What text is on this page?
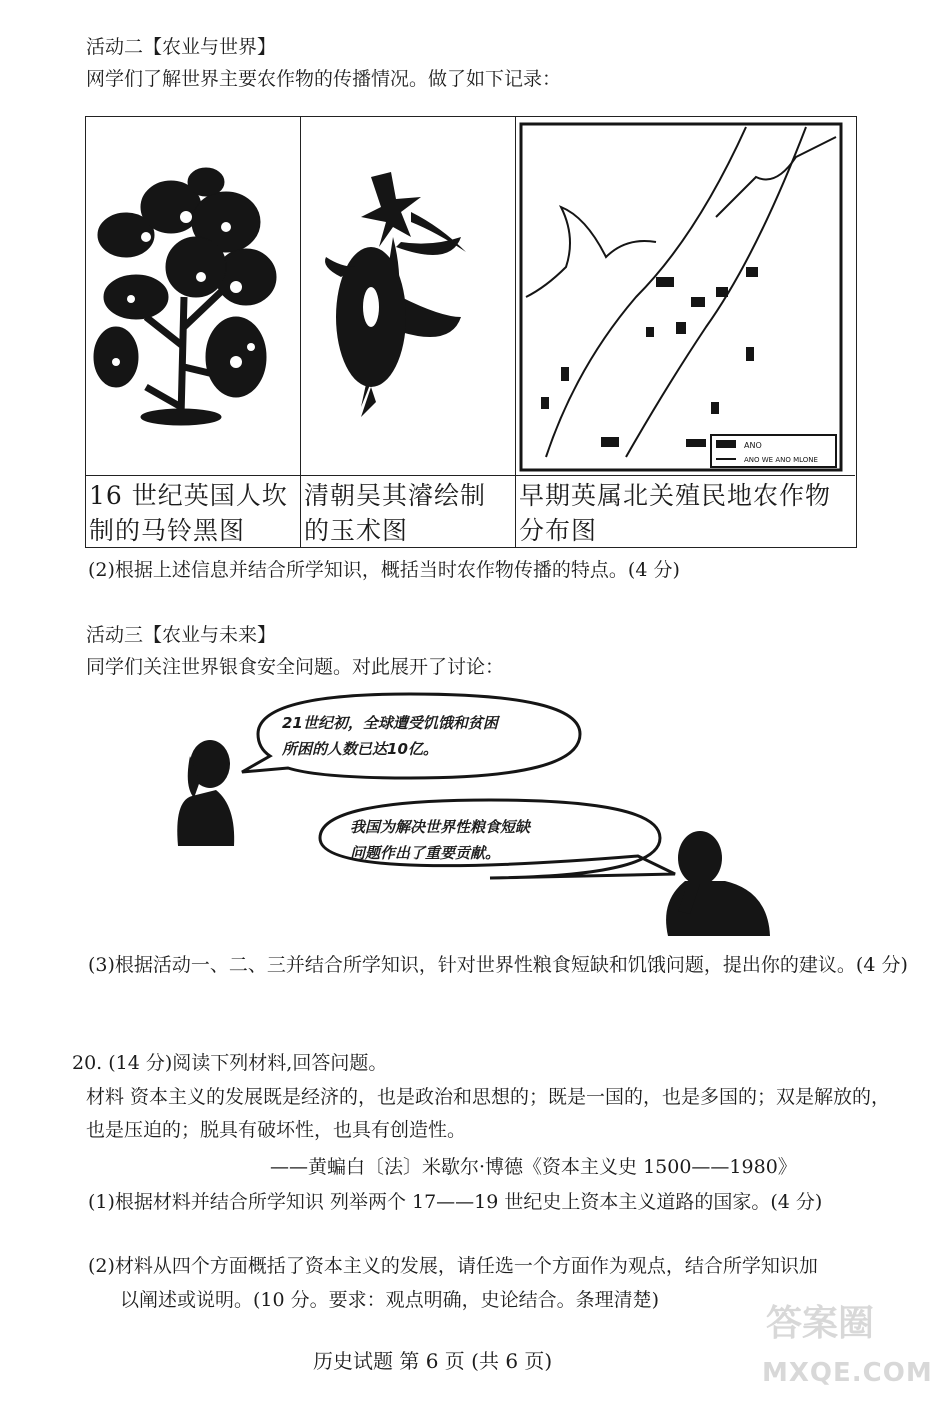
活动二【农业与世界】
网学们了解世界主要农作物的传播情况。做了如下记录：
16 世纪英国人坎
制的马铃黑图
清朝吴其濬绘制
的玉术图
ANO
ANO WE ANO MLONE
早期英属北关殖民地农作物
分布图
(2)根据上述信息并结合所学知识，概括当时农作物传播的特点。(4 分)
活动三【农业与未来】
同学们关注世界银食安全问题。对此展开了讨论：
21世纪初，全球遭受饥饿和贫困
所困的人数已达10亿。
我国为解决世界性粮食短缺
问题作出了重要贡献。
(3)根据活动一、二、三并结合所学知识，针对世界性粮食短缺和饥饿问题，提出你的建议。(4 分)
20. (14 分)阅读下列材料,回答问题。
材料 资本主义的发展既是经济的，也是政治和思想的；既是一国的，也是多国的；双是解放的，也是压迫的；脱具有破坏性，也具有创造性。
——黄蝙白〔法〕米歇尔·博德《资本主义史 1500——1980》
(1)根据材料并结合所学知识 列举两个 17——19 世纪史上资本主义道路的国家。(4 分)
(2)材料从四个方面概括了资本主义的发展，请任选一个方面作为观点，结合所学知识加
以阐述或说明。(10 分。要求：观点明确，史论结合。条理清楚)
历史试题 第 6 页 (共 6 页)
答案圈
MXQE.COM
